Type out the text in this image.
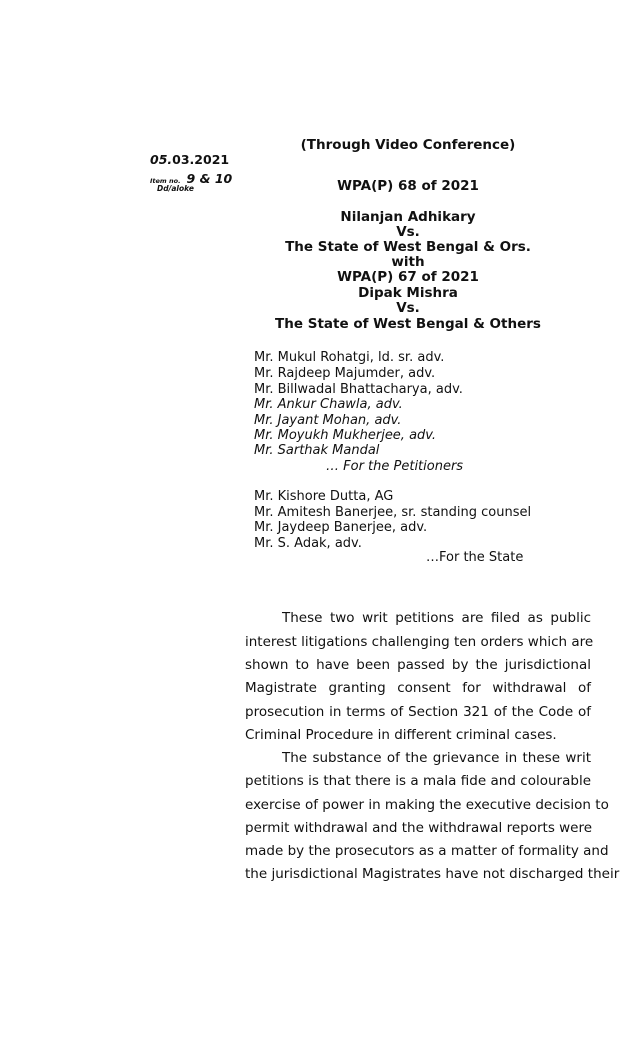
05.03.2021
Item no. 9 & 10
Dd/aloke
(Through Video Conference)
WPA(P) 68 of 2021
Nilanjan Adhikary
Vs.
The State of West Bengal & Ors.
with
WPA(P) 67 of 2021
Dipak Mishra
Vs.
The State of West Bengal & Others
Mr. Mukul Rohatgi, ld. sr. adv.
Mr. Rajdeep Majumder, adv.
Mr. Billwadal Bhattacharya, adv.
Mr. Ankur Chawla, adv.
Mr. Jayant Mohan, adv.
Mr. Moyukh Mukherjee, adv.
Mr. Sarthak Mandal
… For the Petitioners
Mr. Kishore Dutta, AG
Mr. Amitesh Banerjee, sr. standing counsel
Mr. Jaydeep Banerjee, adv.
Mr. S. Adak, adv.
…For the State
These two writ petitions are filed as public
interest litigations challenging ten orders which are
shown to have been passed by the jurisdictional
Magistrate granting consent for withdrawal of
prosecution in terms of Section 321 of the Code of
Criminal Procedure in different criminal cases.
The substance of the grievance in these writ
petitions is that there is a mala fide and colourable
exercise of power in making the executive decision to
permit withdrawal and the withdrawal reports were
made by the prosecutors as a matter of formality and
the jurisdictional Magistrates have not discharged their
